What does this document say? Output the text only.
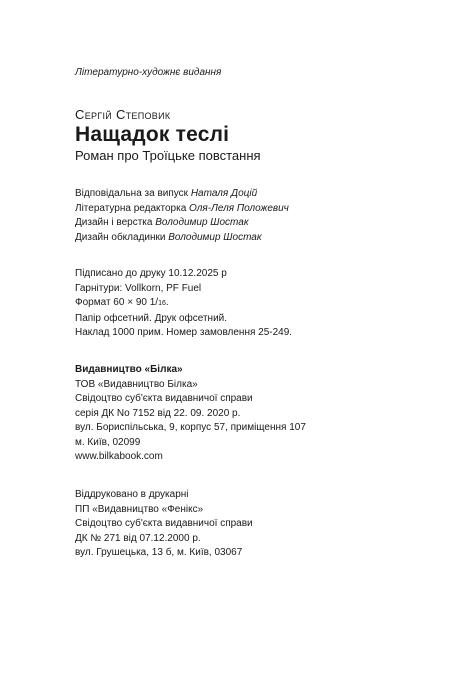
Літературно-художнє видання
Сергій Степовик
Нащадок теслі
Роман про Троїцьке повстання
Відповідальна за випуск Наталя Доцій
Літературна редакторка Оля-Леля Положевич
Дизайн і верстка Володимир Шостак
Дизайн обкладинки Володимир Шостак
Підписано до друку 10.12.2025 р
Гарнітури: Vollkorn, PF Fuel
Формат 60 × 90 1/16.
Папір офсетний. Друк офсетний.
Наклад 1000 прим. Номер замовлення 25-249.
Видавництво «Білка»
ТОВ «Видавництво Білка»
Свідоцтво суб'єкта видавничої справи
серія ДК No 7152 від 22. 09. 2020 р.
вул. Бориспільська, 9, корпус 57, приміщення 107
м. Київ, 02099
www.bilkabook.com
Віддруковано в друкарні
ПП «Видавництво «Фенікс»
Свідоцтво суб'єкта видавничої справи
ДК № 271 від 07.12.2000 р.
вул. Грушецька, 13 б, м. Київ, 03067
